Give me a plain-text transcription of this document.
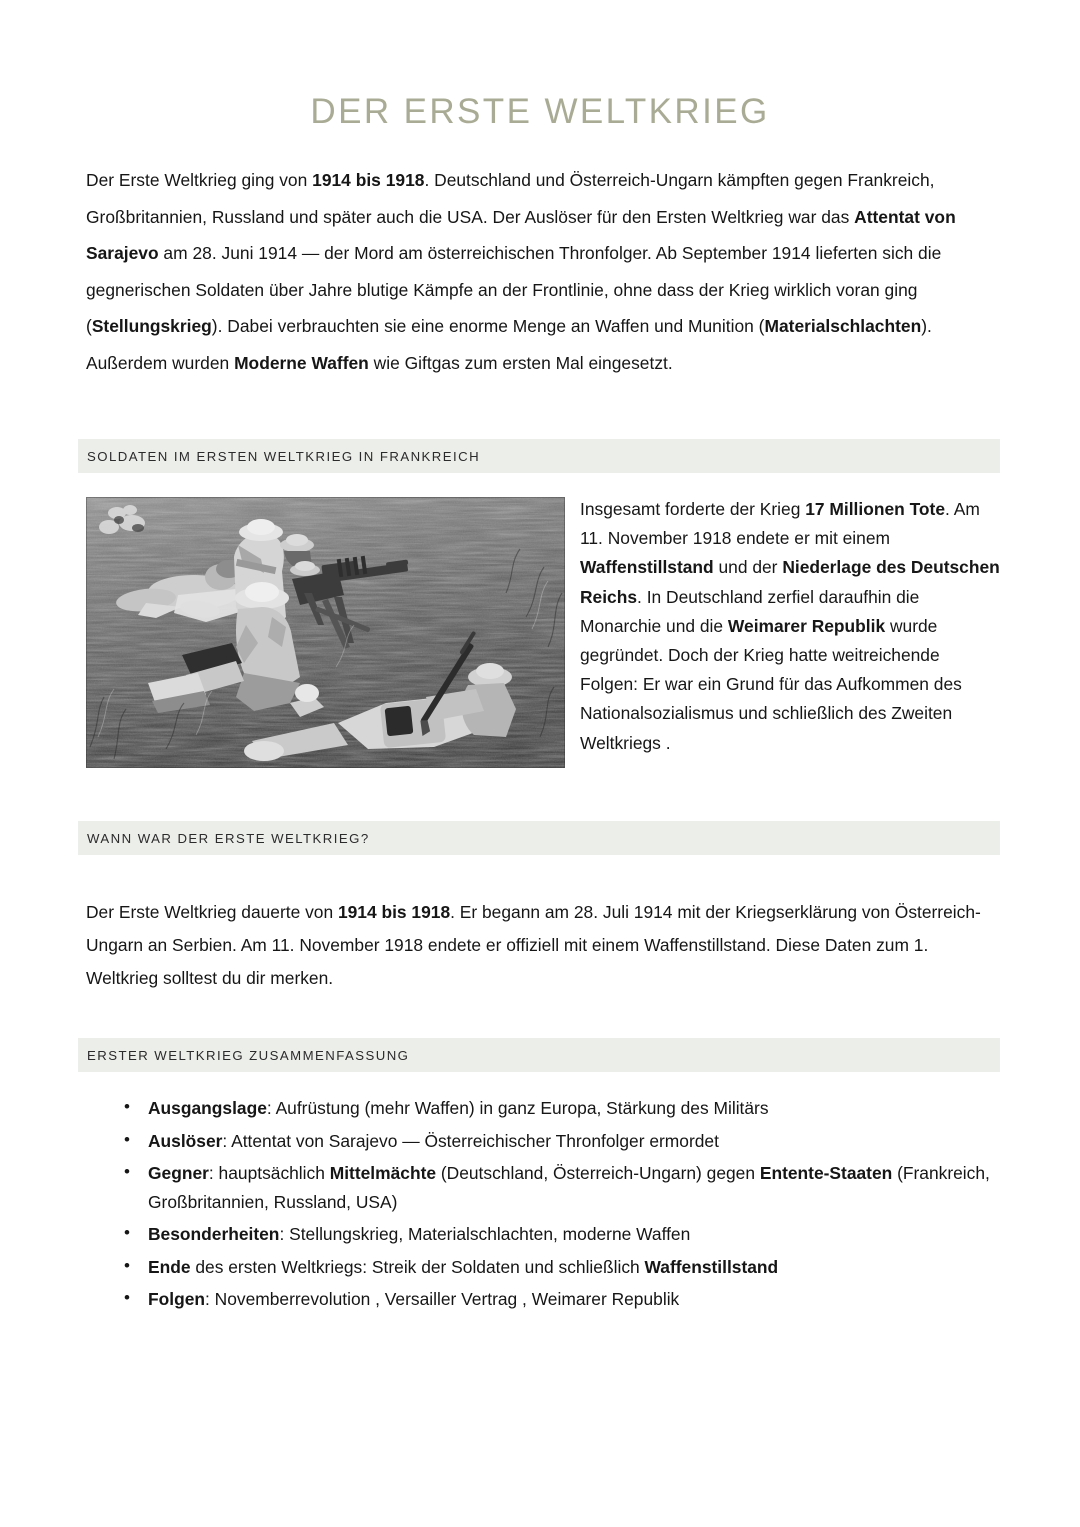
DER ERSTE WELTKRIEG

Der Erste Weltkrieg ging von 1914 bis 1918. Deutschland und Österreich-Ungarn kämpften gegen Frankreich, Großbritannien, Russland und später auch die USA. Der Auslöser für den Ersten Weltkrieg war das Attentat von Sarajevo am 28. Juni 1914 — der Mord am österreichischen Thronfolger. Ab September 1914 lieferten sich die gegnerischen Soldaten über Jahre blutige Kämpfe an der Frontlinie, ohne dass der Krieg wirklich voran ging (Stellungskrieg). Dabei verbrauchten sie eine enorme Menge an Waffen und Munition (Materialschlachten). Außerdem wurden Moderne Waffen wie Giftgas zum ersten Mal eingesetzt.

SOLDATEN IM ERSTEN WELTKRIEG IN FRANKREICH
Insgesamt forderte der Krieg 17 Millionen Tote. Am 11. November 1918 endete er mit einem Waffenstillstand und der Niederlage des Deutschen Reichs. In Deutschland zerfiel daraufhin die Monarchie und die Weimarer Republik wurde gegründet. Doch der Krieg hatte weitreichende Folgen: Er war ein Grund für das Aufkommen des Nationalsozialismus und schließlich des Zweiten Weltkriegs .
WANN WAR DER ERSTE WELTKRIEG?

Der Erste Weltkrieg dauerte von 1914 bis 1918. Er begann am 28. Juli 1914 mit der Kriegserklärung von Österreich-Ungarn an Serbien. Am 11. November 1918 endete er offiziell mit einem Waffenstillstand. Diese Daten zum 1. Weltkrieg solltest du dir merken.

ERSTER WELTKRIEG ZUSAMMENFASSUNG
• Ausgangslage: Aufrüstung (mehr Waffen) in ganz Europa, Stärkung des Militärs
• Auslöser: Attentat von Sarajevo — Österreichischer Thronfolger ermordet
• Gegner: hauptsächlich Mittelmächte (Deutschland, Österreich-Ungarn) gegen Entente-Staaten (Frankreich, Großbritannien, Russland, USA)
• Besonderheiten: Stellungskrieg, Materialschlachten, moderne Waffen
• Ende des ersten Weltkriegs: Streik der Soldaten und schließlich Waffenstillstand
• Folgen: Novemberrevolution , Versailler Vertrag , Weimarer Republik
